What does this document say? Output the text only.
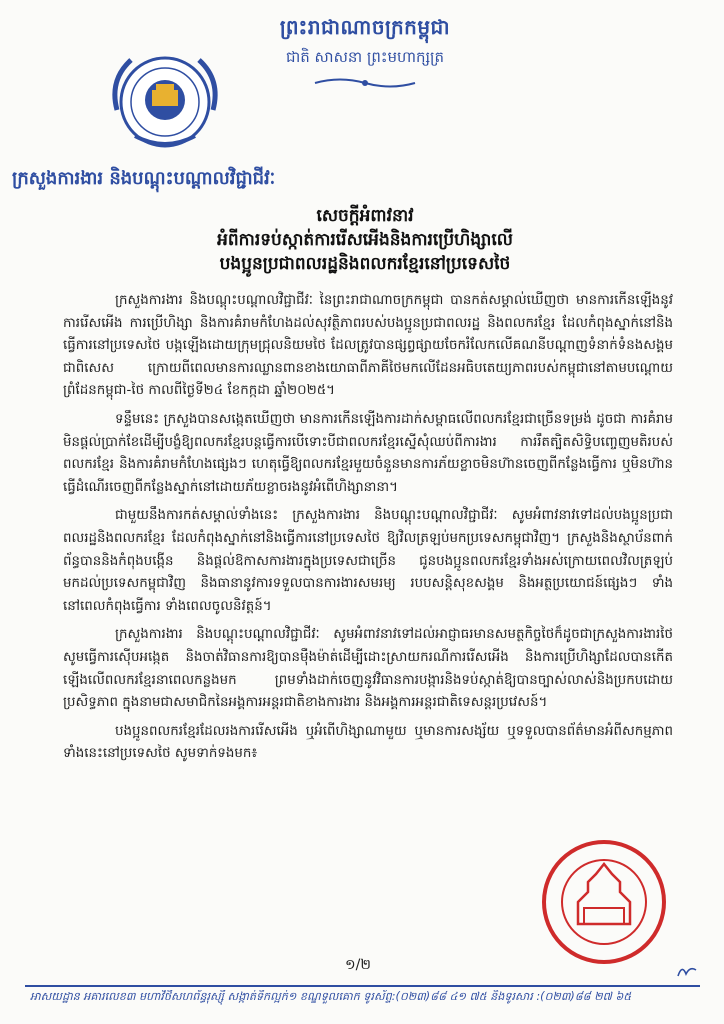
ព្រះរាជាណាចក្រកម្ពុជា
ជាតិ សាសនា ព្រះមហាក្សត្រ
ក្រសួងការងារ និងបណ្តុះបណ្តាលវិជ្ជាជីវៈ
សេចក្តីអំពាវនាវ
អំពីការទប់ស្កាត់ការរើសអើងនិងការប្រើហិង្សាលើ
បងប្អូនប្រជាពលរដ្ឋនិងពលករខ្មែរនៅប្រទេសថៃ

ក្រសួងការងារ និងបណ្តុះបណ្តាលវិជ្ជាជីវៈ នៃព្រះរាជាណាចក្រកម្ពុជា បានកត់សម្គាល់ឃើញថា មានការកើនឡើងនូវការរើសអើង ការប្រើហិង្សា និងការគំរាមកំហែងដល់សុវត្ថិភាពរបស់បងប្អូនប្រជាពលរដ្ឋ និងពលករខ្មែរ ដែលកំពុងស្នាក់នៅនិងធ្វើការនៅប្រទេសថៃ បង្កឡើងដោយក្រុមជ្រុលនិយមថៃ ដែលត្រូវបានផ្សព្វផ្សាយចែករំលែកលើគណនីបណ្តាញទំនាក់ទំនងសង្គម ជាពិសេស ក្រោយពីពេលមានការឈ្លានពានខាងយោធាពីភាគីថៃមកលើដែនអធិបតេយ្យភាពរបស់កម្ពុជានៅតាមបណ្តោយព្រំដែនកម្ពុជា-ថៃ កាលពីថ្ងៃទី២៤ ខែកក្កដា ឆ្នាំ២០២៥។

ទន្ទឹមនេះ ក្រសួងបានសង្កេតឃើញថា មានការកើនឡើងការដាក់សម្ពាធលើពលករខ្មែរជាច្រើនទម្រង់ ដូចជា ការគំរាមមិនផ្តល់ប្រាក់ខែដើម្បីបង្ខំឱ្យពលករខ្មែរបន្តធ្វើការបើទោះបីជាពលករខ្មែរស្នើសុំឈប់ពីការងារ ការរឹតត្បិតសិទ្ធិបញ្ចេញមតិរបស់ពលករខ្មែរ និងការគំរាមកំហែងផ្សេងៗ ហេតុធ្វើឱ្យពលករខ្មែរមួយចំនួនមានការភ័យខ្លាចមិនហ៊ានចេញពីកន្លែងធ្វើការ ឬមិនហ៊ានធ្វើដំណើរចេញពីកន្លែងស្នាក់នៅដោយភ័យខ្លាចរងនូវអំពើហិង្សានានា។

ជាមួយនឹងការកត់សម្គាល់ទាំងនេះ ក្រសួងការងារ និងបណ្តុះបណ្តាលវិជ្ជាជីវៈ សូមអំពាវនាវទៅដល់បងប្អូនប្រជាពលរដ្ឋនិងពលករខ្មែរ ដែលកំពុងស្នាក់នៅនិងធ្វើការនៅប្រទេសថៃ ឱ្យវិលត្រឡប់មកប្រទេសកម្ពុជាវិញ។ ក្រសួងនិងស្ថាប័នពាក់ព័ន្ធបាននិងកំពុងបង្កើន និងផ្តល់ឱកាសការងារក្នុងប្រទេសជាច្រើន ជូនបងប្អូនពលករខ្មែរទាំងអស់ក្រោយពេលវិលត្រឡប់មកដល់ប្រទេសកម្ពុជាវិញ និងធានានូវការទទួលបានការងារសមរម្យ របបសន្តិសុខសង្គម និងអត្ថប្រយោជន៍ផ្សេងៗ ទាំងនៅពេលកំពុងធ្វើការ ទាំងពេលចូលនិវត្តន៍។

ក្រសួងការងារ និងបណ្តុះបណ្តាលវិជ្ជាជីវៈ សូមអំពាវនាវទៅដល់អាជ្ញាធរមានសមត្ថកិច្ចថៃក៏ដូចជាក្រសួងការងារថៃ សូមធ្វើការស៊ើបអង្កេត និងចាត់វិធានការឱ្យបានម៉ឺងម៉ាត់ដើម្បីដោះស្រាយករណីការរើសអើង និងការប្រើហិង្សាដែលបានកើតឡើងលើពលករខ្មែរនាពេលកន្លងមក ព្រមទាំងដាក់ចេញនូវវិធានការបង្ការនិងទប់ស្កាត់ឱ្យបានច្បាស់លាស់និងប្រកបដោយប្រសិទ្ធភាព ក្នុងនាមជាសមាជិកនៃអង្គការអន្តរជាតិខាងការងារ និងអង្គការអន្តរជាតិទេសន្តរប្រវេសន៍។

បងប្អូនពលករខ្មែរដែលរងការរើសអើង ឬអំពើហិង្សាណាមួយ ឬមានការសង្ស័យ ឬទទួលបានព័ត៌មានអំពីសកម្មភាពទាំងនេះនៅប្រទេសថៃ សូមទាក់ទងមក៖

១/២
អាសយដ្ឋាន អគារលេខ៣ មហាវិថីសហព័ន្ធរុស្ស៊ី សង្កាត់ទឹកល្អក់១ ខណ្ឌទួលគោក ទូរស័ព្ទ:(០២៣)៨៨ ៤១ ៧៥ និងទូរសារ :(០២៣)៨៨ ២៧ ៦៥
